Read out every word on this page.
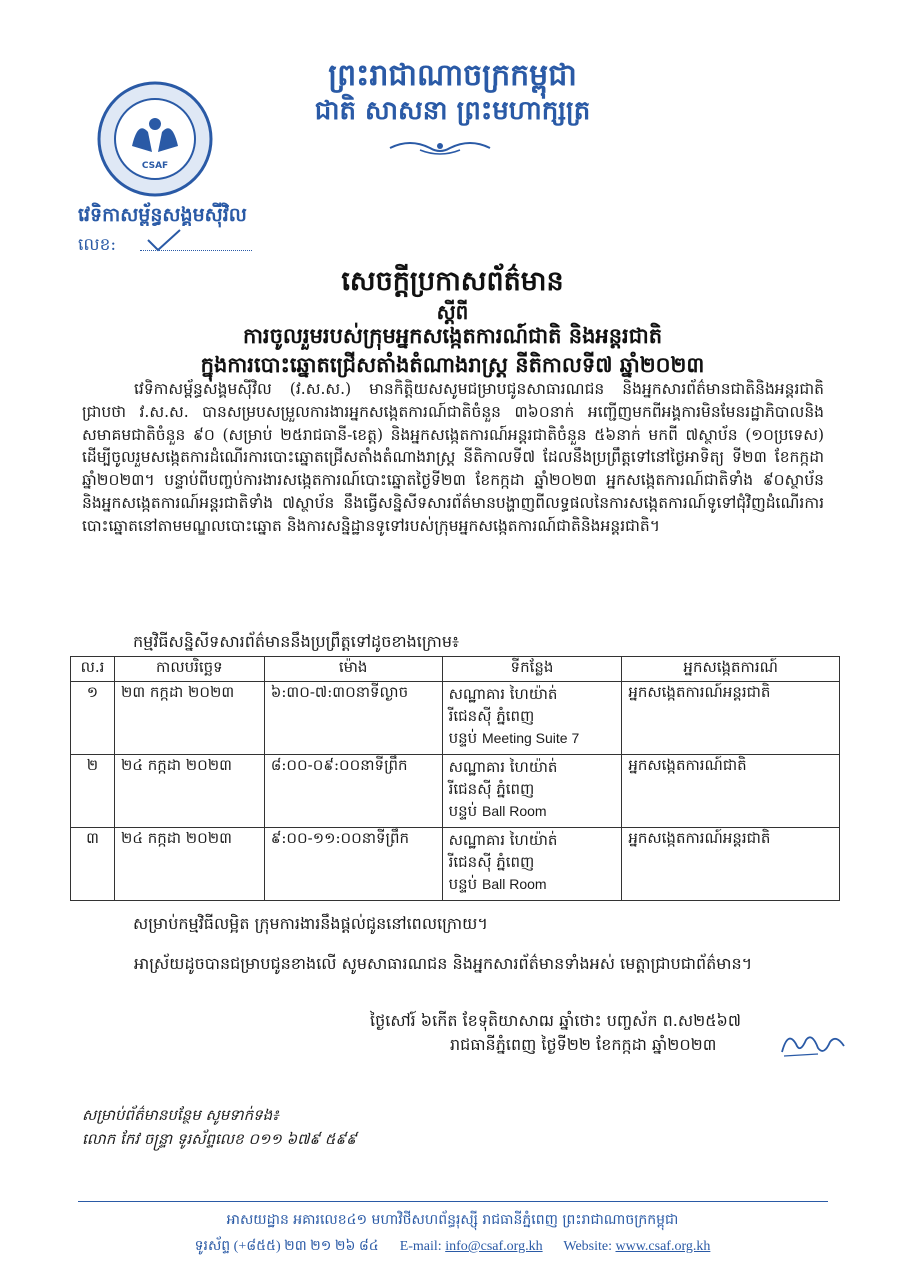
ព្រះរាជាណាចក្រកម្ពុជា
ជាតិ សាសនា ព្រះមហាក្សត្រ
CSAF
វេទិកាសម្ព័ន្ធសង្គមស៊ីវិល
លេខ:
សេចក្តីប្រកាសព័ត៌មាន
ស្តីពី
ការចូលរួមរបស់ក្រុមអ្នកសង្កេតការណ៍ជាតិ និងអន្តរជាតិ
ក្នុងការបោះឆ្នោតជ្រើសតាំងតំណាងរាស្ត្រ នីតិកាលទី៧ ឆ្នាំ២០២៣
វេទិកាសម្ព័ន្ធសង្គមស៊ីវិល (វ.ស.ស.) មានកិត្តិយសសូមជម្រាបជូនសាធារណជន និងអ្នកសារព័ត៌មានជាតិនិងអន្តរជាតិជ្រាបថា វ.ស.ស. បានសម្របសម្រួលការងារអ្នកសង្កេតការណ៍ជាតិចំនួន ៣៦០នាក់ អញ្ជើញមកពីអង្គការមិនមែនរដ្ឋាភិបាលនិងសមាគមជាតិចំនួន ៩០ (សម្រាប់ ២៥រាជធានី-ខេត្ត) និងអ្នកសង្កេតការណ៍អន្តរជាតិចំនួន ៥៦នាក់ មកពី ៧ស្ថាប័ន (១០ប្រទេស) ដើម្បីចូលរួមសង្កេតការដំណើរការបោះឆ្នោតជ្រើសតាំងតំណាងរាស្ត្រ នីតិកាលទី៧ ដែលនឹងប្រព្រឹត្តទៅនៅថ្ងៃអាទិត្យ ទី២៣ ខែកក្កដា ឆ្នាំ២០២៣។ បន្ទាប់ពីបញ្ចប់ការងារសង្កេតការណ៍បោះឆ្នោតថ្ងៃទី២៣ ខែកក្កដា ឆ្នាំ២០២៣ អ្នកសង្កេតការណ៍ជាតិទាំង ៩០ស្ថាប័ន និងអ្នកសង្កេតការណ៍អន្តរជាតិទាំង ៧ស្ថាប័ន នឹងធ្វើសន្និសីទសារព័ត៌មានបង្ហាញពីលទ្ធផលនៃការសង្កេតការណ៍ទូទៅជុំវិញដំណើរការបោះឆ្នោតនៅតាមមណ្ឌលបោះឆ្នោត និងការសន្និដ្ឋានទូទៅរបស់ក្រុមអ្នកសង្កេតការណ៍ជាតិនិងអន្តរជាតិ។
កម្មវិធីសន្និសីទសារព័ត៌មាននឹងប្រព្រឹត្តទៅដូចខាងក្រោម៖
ល.រ	កាលបរិច្ឆេទ	ម៉ោង	ទីកន្លែង	អ្នកសង្កេតការណ៍
១	២៣ កក្កដា ២០២៣	៦:៣០-៧:៣០នាទីល្ងាច	សណ្ឋាគារ ហៃយ៉ាត់
រីជេនស៊ី ភ្នំពេញ
បន្ទប់ Meeting Suite 7	អ្នកសង្កេតការណ៍អន្តរជាតិ
២	២៤ កក្កដា ២០២៣	៨:០០-០៩:០០នាទីព្រឹក	សណ្ឋាគារ ហៃយ៉ាត់
រីជេនស៊ី ភ្នំពេញ
បន្ទប់ Ball Room	អ្នកសង្កេតការណ៍ជាតិ
៣	២៤ កក្កដា ២០២៣	៩:០០-១១:០០នាទីព្រឹក	សណ្ឋាគារ ហៃយ៉ាត់
រីជេនស៊ី ភ្នំពេញ
បន្ទប់ Ball Room	អ្នកសង្កេតការណ៍អន្តរជាតិ
សម្រាប់កម្មវិធីលម្អិត ក្រុមការងារនឹងផ្តល់ជូននៅពេលក្រោយ។
អាស្រ័យដូចបានជម្រាបជូនខាងលើ សូមសាធារណជន និងអ្នកសារព័ត៌មានទាំងអស់ មេត្តាជ្រាបជាព័ត៌មាន។
ថ្ងៃសៅរ៍ ៦កើត ខែទុតិយាសាឍ ឆ្នាំថោះ បញ្ចស័ក ព.ស២៥៦៧
រាជធានីភ្នំពេញ ថ្ងៃទី២២ ខែកក្កដា ឆ្នាំ២០២៣
សម្រាប់ព័ត៌មានបន្ថែម សូមទាក់ទង៖
លោក កែវ ចន្ទ្រា ទូរស័ព្ទលេខ ០១១ ៦៧៩ ៥៩៩
អាសយដ្ឋាន អគារលេខ៤១ មហាវិថីសហព័ន្ធរុស្ស៊ី រាជធានីភ្នំពេញ ព្រះរាជាណាចក្រកម្ពុជា
ទូរស័ព្ទ (+៨៥៥) ២៣ ២១ ២៦ ៨៤ E-mail: info@csaf.org.kh Website: www.csaf.org.kh
